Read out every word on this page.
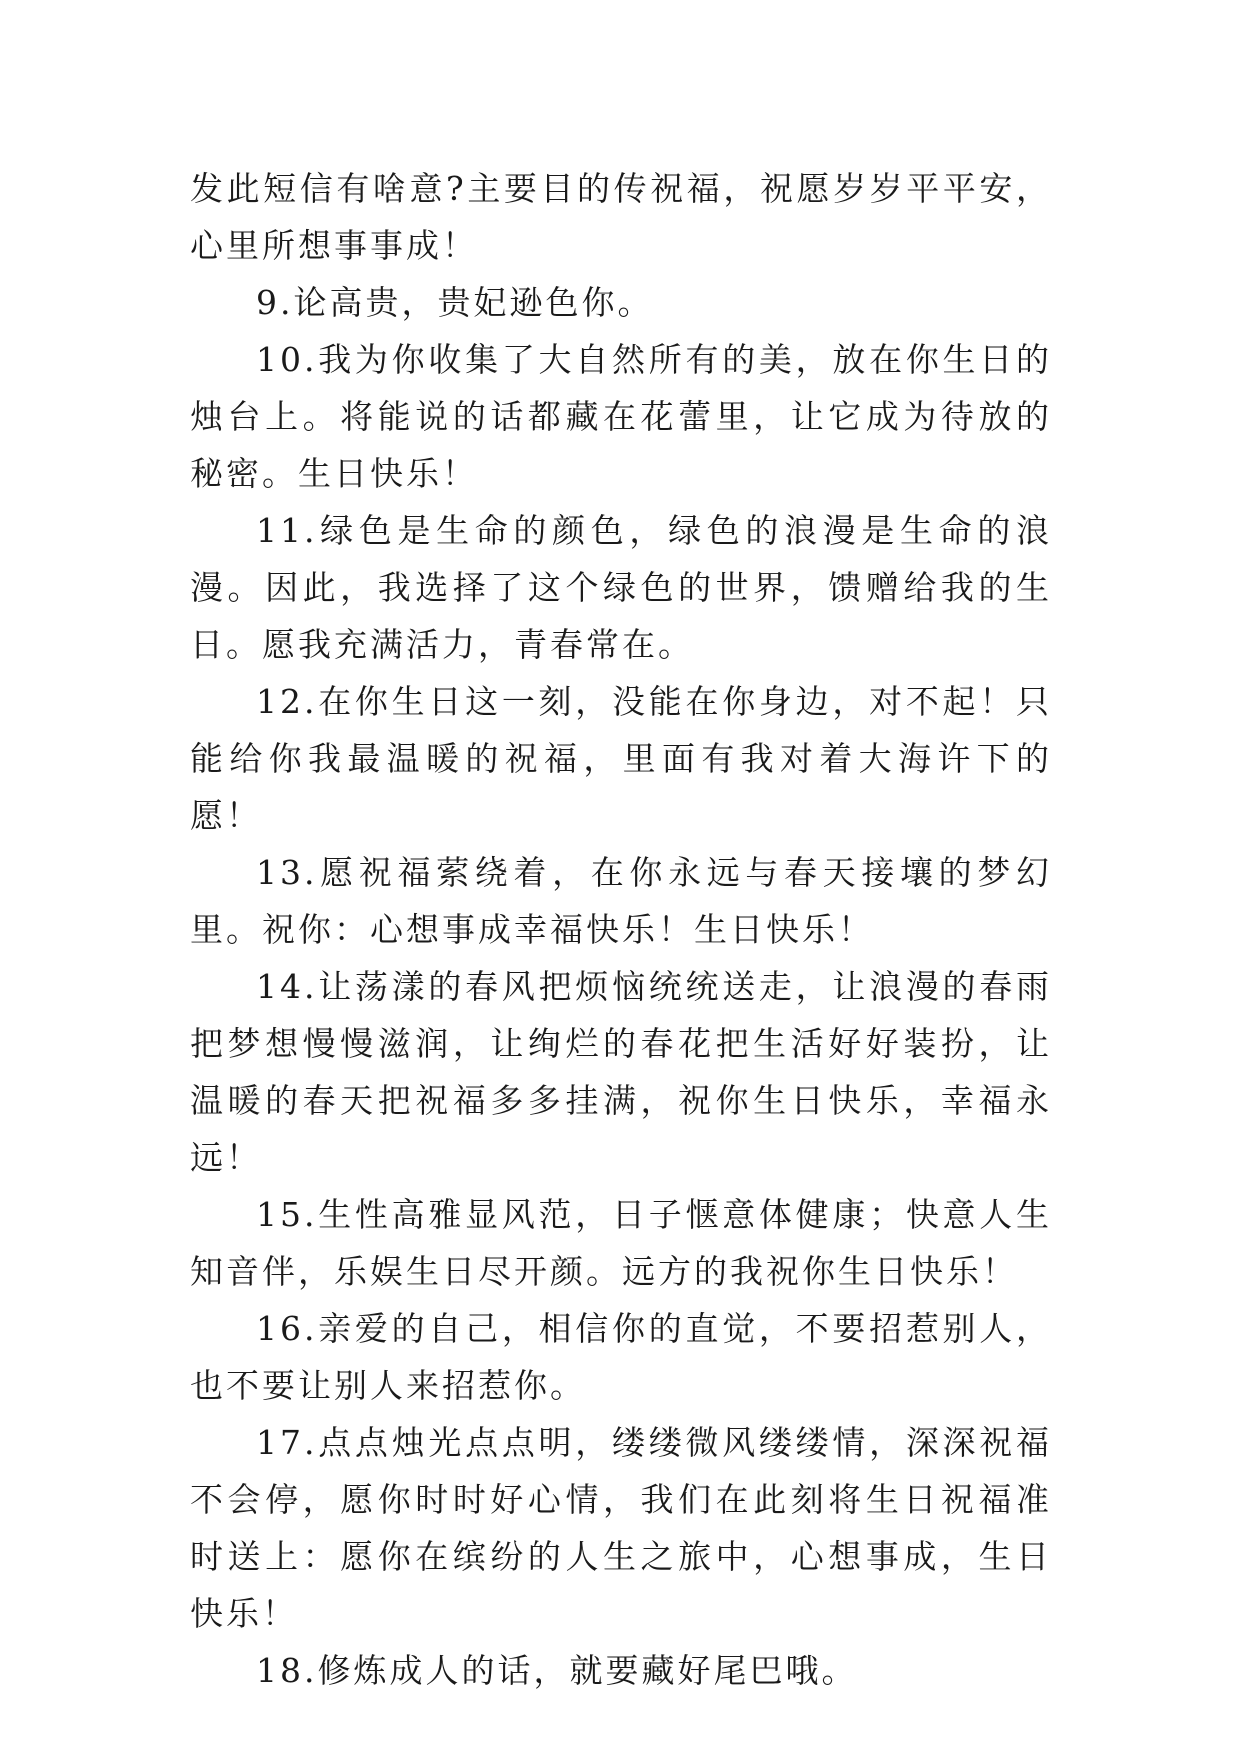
发此短信有啥意?主要目的传祝福，祝愿岁岁平平安，心里所想事事成！

9.论高贵，贵妃逊色你。

10.我为你收集了大自然所有的美，放在你生日的烛台上。将能说的话都藏在花蕾里，让它成为待放的秘密。生日快乐！

11.绿色是生命的颜色，绿色的浪漫是生命的浪漫。因此，我选择了这个绿色的世界，馈赠给我的生日。愿我充满活力，青春常在。

12.在你生日这一刻，没能在你身边，对不起！只能给你我最温暖的祝福，里面有我对着大海许下的愿！

13.愿祝福萦绕着，在你永远与春天接壤的梦幻里。祝你：心想事成幸福快乐！生日快乐！

14.让荡漾的春风把烦恼统统送走，让浪漫的春雨把梦想慢慢滋润，让绚烂的春花把生活好好装扮，让温暖的春天把祝福多多挂满，祝你生日快乐，幸福永远！

15.生性高雅显风范，日子惬意体健康；快意人生知音伴，乐娱生日尽开颜。远方的我祝你生日快乐！

16.亲爱的自己，相信你的直觉，不要招惹别人，也不要让别人来招惹你。

17.点点烛光点点明，缕缕微风缕缕情，深深祝福不会停，愿你时时好心情，我们在此刻将生日祝福准时送上：愿你在缤纷的人生之旅中，心想事成，生日快乐！

18.修炼成人的话，就要藏好尾巴哦。
